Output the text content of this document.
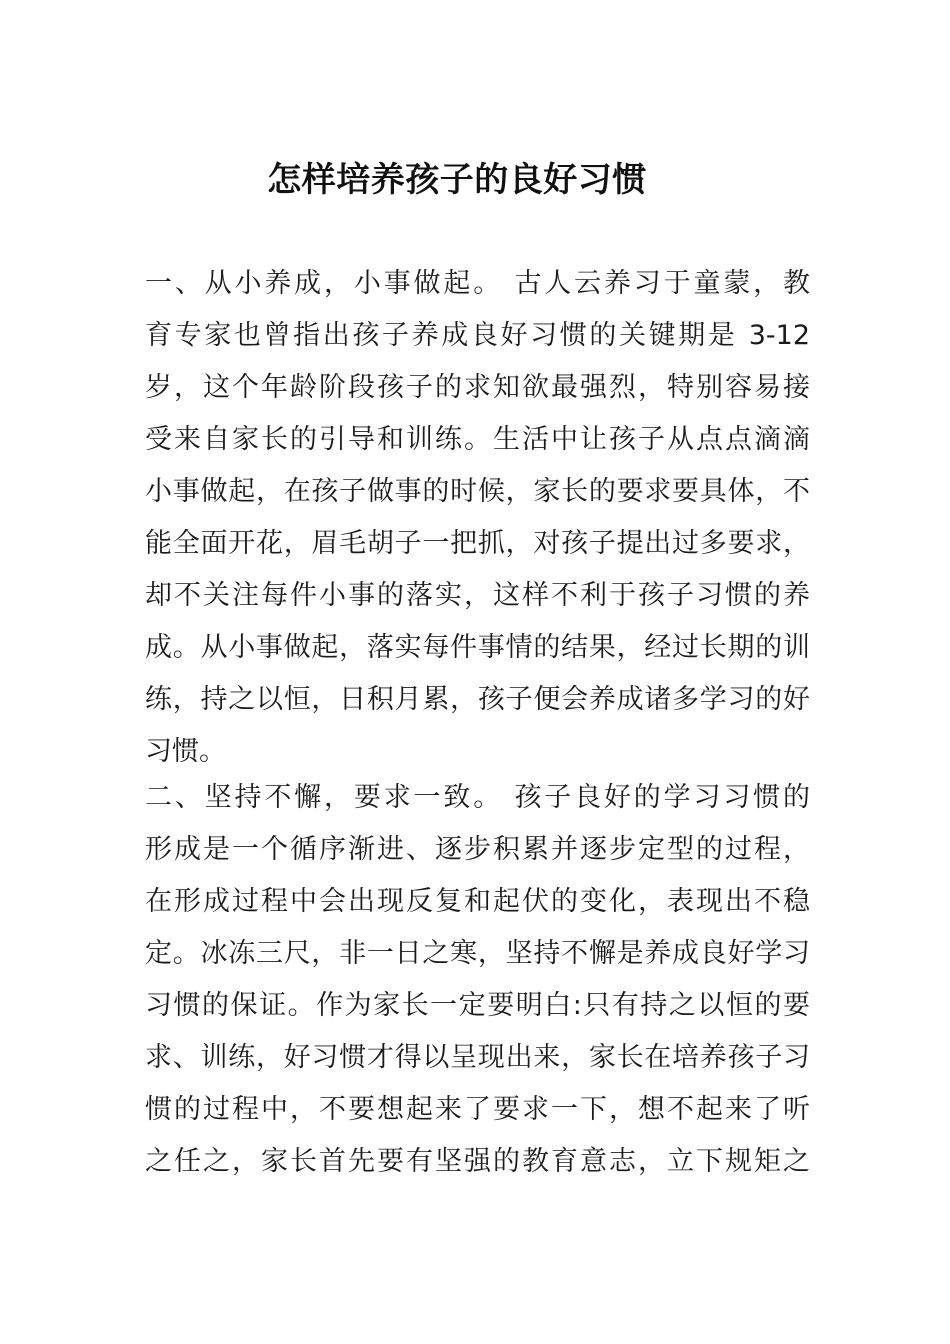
怎样培养孩子的良好习惯
一、从小养成，小事做起。 古人云养习于童蒙，教
育专家也曾指出孩子养成良好习惯的关键期是 3-12
岁，这个年龄阶段孩子的求知欲最强烈，特别容易接
受来自家长的引导和训练。生活中让孩子从点点滴滴
小事做起，在孩子做事的时候，家长的要求要具体，不
能全面开花，眉毛胡子一把抓，对孩子提出过多要求，
却不关注每件小事的落实，这样不利于孩子习惯的养
成。从小事做起，落实每件事情的结果，经过长期的训
练，持之以恒，日积月累，孩子便会养成诸多学习的好
习惯。
二、坚持不懈，要求一致。 孩子良好的学习习惯的
形成是一个循序渐进、逐步积累并逐步定型的过程，
在形成过程中会出现反复和起伏的变化，表现出不稳
定。冰冻三尺，非一日之寒，坚持不懈是养成良好学习
习惯的保证。作为家长一定要明白:只有持之以恒的要
求、训练，好习惯才得以呈现出来，家长在培养孩子习
惯的过程中，不要想起来了要求一下，想不起来了听
之任之，家长首先要有坚强的教育意志，立下规矩之
